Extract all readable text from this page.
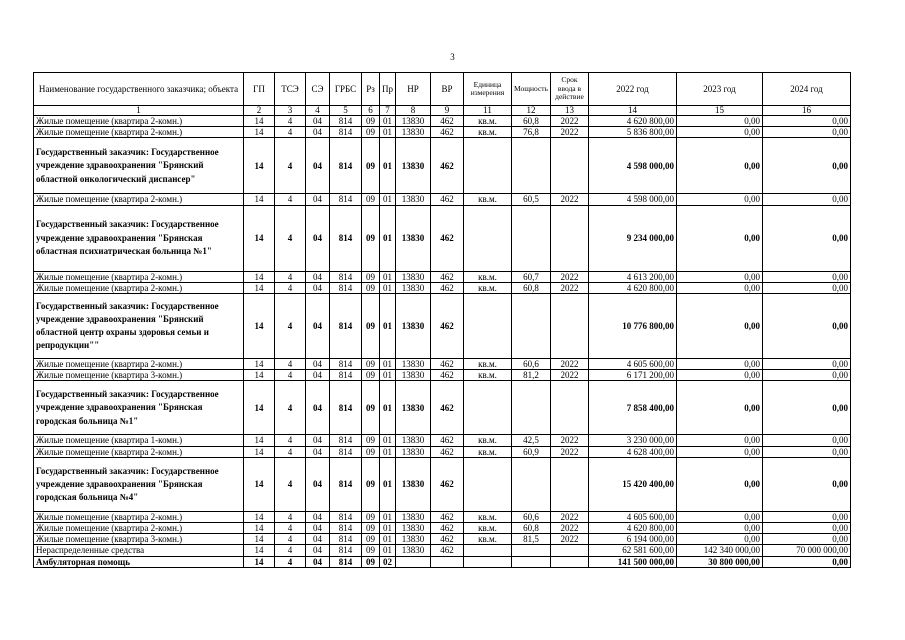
3
Наименование государственного заказчика; объекта	ГП	ТСЭ	СЭ	ГРБС	Рз	Пр	НР	ВР	Единица измерения	Мощность	Срок ввода в действие	2022 год	2023 год	2024 год
1	2	3	4	5	6	7	8	9	11	12	13	14	15	16
Жилые помещение (квартира 2-комн.)	14	4	04	814	09	01	13830	462	кв.м.	60,8	2022	4 620 800,00	0,00	0,00
Жилые помещение (квартира 2-комн.)	14	4	04	814	09	01	13830	462	кв.м.	76,8	2022	5 836 800,00	0,00	0,00
Государственный заказчик: Государственное учреждение здравоохранения "Брянский областной онкологический диспансер"	14	4	04	814	09	01	13830	462				4 598 000,00	0,00	0,00
Жилые помещение (квартира 2-комн.)	14	4	04	814	09	01	13830	462	кв.м.	60,5	2022	4 598 000,00	0,00	0,00
Государственный заказчик: Государственное учреждение здравоохранения "Брянская областная психиатрическая больница №1"	14	4	04	814	09	01	13830	462				9 234 000,00	0,00	0,00
Жилые помещение (квартира 2-комн.)	14	4	04	814	09	01	13830	462	кв.м.	60,7	2022	4 613 200,00	0,00	0,00
Жилые помещение (квартира 2-комн.)	14	4	04	814	09	01	13830	462	кв.м.	60,8	2022	4 620 800,00	0,00	0,00
Государственный заказчик: Государственное учреждение здравоохранения "Брянский областной центр охраны здоровья семьи и репродукции""	14	4	04	814	09	01	13830	462				10 776 800,00	0,00	0,00
Жилые помещение (квартира 2-комн.)	14	4	04	814	09	01	13830	462	кв.м.	60,6	2022	4 605 600,00	0,00	0,00
Жилые помещение (квартира 3-комн.)	14	4	04	814	09	01	13830	462	кв.м.	81,2	2022	6 171 200,00	0,00	0,00
Государственный заказчик: Государственное учреждение здравоохранения "Брянская городская больница №1"	14	4	04	814	09	01	13830	462				7 858 400,00	0,00	0,00
Жилые помещение (квартира 1-комн.)	14	4	04	814	09	01	13830	462	кв.м.	42,5	2022	3 230 000,00	0,00	0,00
Жилые помещение (квартира 2-комн.)	14	4	04	814	09	01	13830	462	кв.м.	60,9	2022	4 628 400,00	0,00	0,00
Государственный заказчик: Государственное учреждение здравоохранения "Брянская городская больница №4"	14	4	04	814	09	01	13830	462				15 420 400,00	0,00	0,00
Жилые помещение (квартира 2-комн.)	14	4	04	814	09	01	13830	462	кв.м.	60,6	2022	4 605 600,00	0,00	0,00
Жилые помещение (квартира 2-комн.)	14	4	04	814	09	01	13830	462	кв.м.	60,8	2022	4 620 800,00	0,00	0,00
Жилые помещение (квартира 3-комн.)	14	4	04	814	09	01	13830	462	кв.м.	81,5	2022	6 194 000,00	0,00	0,00
Нераспределенные средства	14	4	04	814	09	01	13830	462				62 581 600,00	142 340 000,00	70 000 000,00
Амбуляторная помощь	14	4	04	814	09	02						141 500 000,00	30 800 000,00	0,00
